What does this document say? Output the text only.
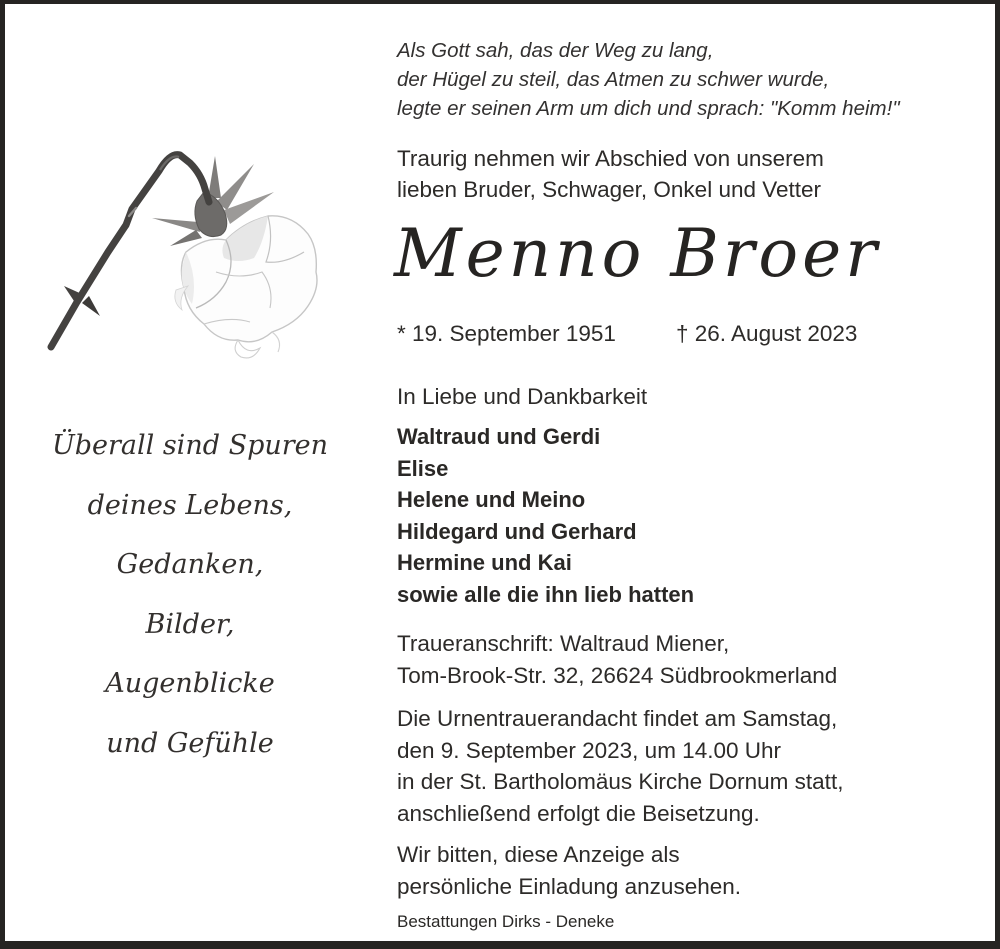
Überall sind Spuren
deines Lebens,
Gedanken,
Bilder,
Augenblicke
und Gefühle
Als Gott sah, das der Weg zu lang,
der Hügel zu steil, das Atmen zu schwer wurde,
legte er seinen Arm um dich und sprach: "Komm heim!"
Traurig nehmen wir Abschied von unserem
lieben Bruder, Schwager, Onkel und Vetter
Menno Broer
* 19. September 1951	† 26. August 2023
In Liebe und Dankbarkeit
Waltraud und Gerdi
Elise
Helene und Meino
Hildegard und Gerhard
Hermine und Kai
sowie alle die ihn lieb hatten
Traueranschrift: Waltraud Miener,
Tom-Brook-Str. 32, 26624 Südbrookmerland
Die Urnentrauerandacht findet am Samstag,
den 9. September 2023, um 14.00 Uhr
in der St. Bartholomäus Kirche Dornum statt,
anschließend erfolgt die Beisetzung.
Wir bitten, diese Anzeige als
persönliche Einladung anzusehen.
Bestattungen Dirks - Deneke
